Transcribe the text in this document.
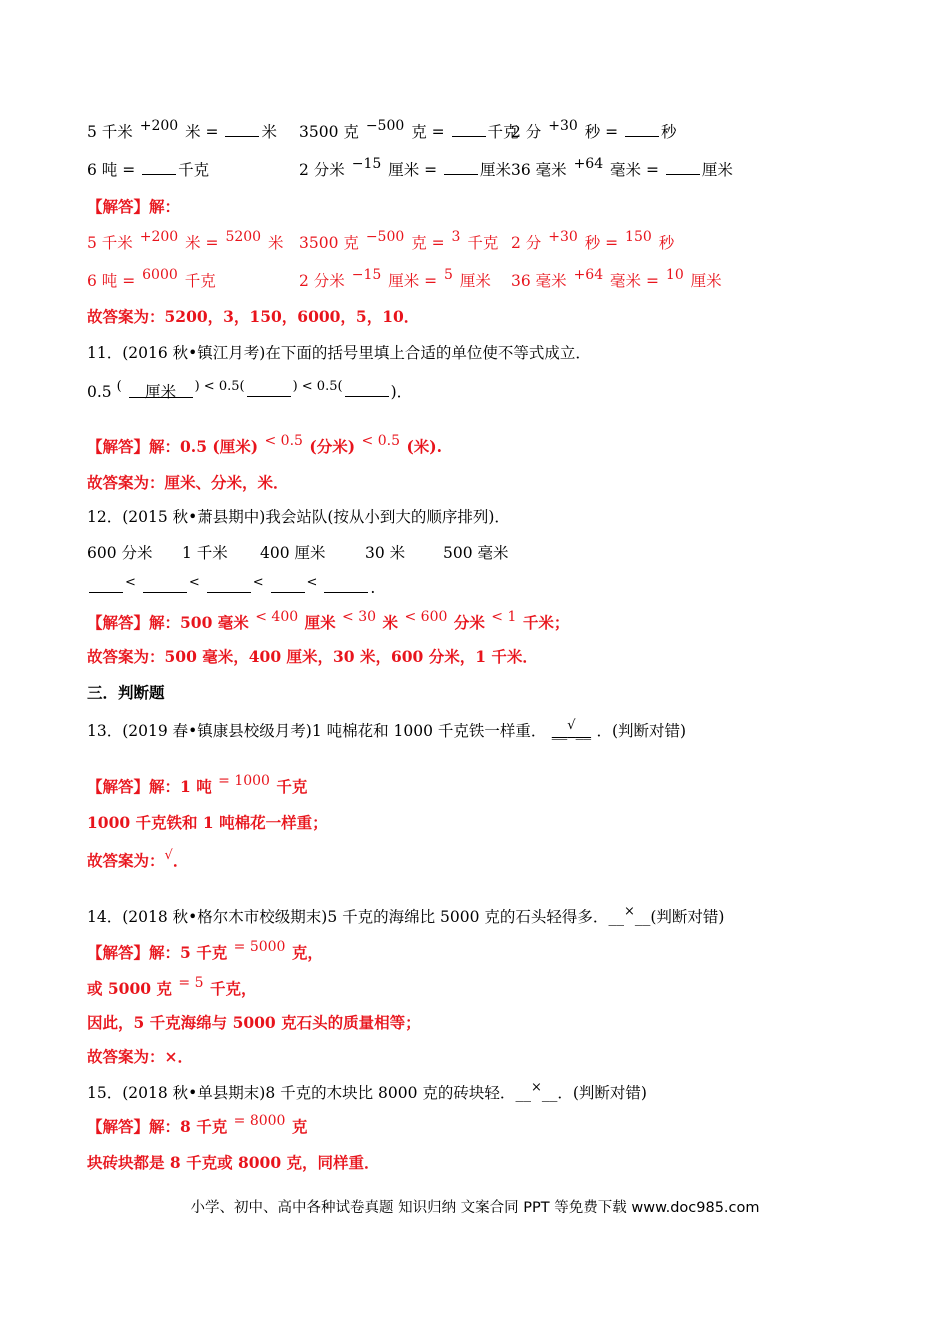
5 千米 +200 米 = 米 3500 克 −500 克 = 千克
2 分 +30 秒 = 秒
6 吨 = 千克	2 分米 −15 厘米 = 厘米 36 毫米 +64 毫米 = 厘米
【解答】解：
5 千米 +200 米 = 5200 米 3500 克 −500 克 = 3 千克 2 分 +30 秒 = 150 秒
6 吨 = 6000 千克	2 分米 −15 厘米 = 5 厘米 36 毫米 +64 毫米 = 10 厘米
故答案为：5200，3，150，6000，5，10．
11．(2016 秋•镇江月考)在下面的括号里填上合适的单位使不等式成立．
0.5 ( 厘米 $^{) < 0.5(}$	$^{) < 0.5(}$	)．
【解答】解：0.5 (厘米) < 0.5 (分米) < 0.5 (米).
故答案为：厘米、分米，米．
12．(2015 秋•萧县期中)我会站队(按从小到大的顺序排列)．
600 分米 1 千米 400 厘米	30 米 500 毫米
<	<	<	<	.
【解答】解：500 毫米 < 400 厘米 < 30 米 < 600 分米 < 1 千米；
故答案为：500 毫米，400 厘米，30 米，600 分米，1 千米．
三．判断题
13．(2019 春•镇康县校级月考)1 吨棉花和 1000 千克铁一样重． __√__ ．(判断对错)
【解答】解：1 吨 = 1000 千克
1000 千克铁和 1 吨棉花一样重；
故答案为：√．
14．(2018 秋•格尔木市校级期末)5 千克的海绵比 5000 克的石头轻得多．__×__(判断对错)
【解答】解：5 千克 = 5000 克，
或 5000 克 = 5 千克，
因此，5 千克海绵与 5000 克石头的质量相等；
故答案为：×．
15．(2018 秋•单县期末)8 千克的木块比 8000 克的砖块轻．__×__．(判断对错)
【解答】解：8 千克 = 8000 克
块砖块都是 8 千克或 8000 克，同样重．
小学、初中、高中各种试卷真题 知识归纳 文案合同 PPT 等免费下载 www.doc985.com
